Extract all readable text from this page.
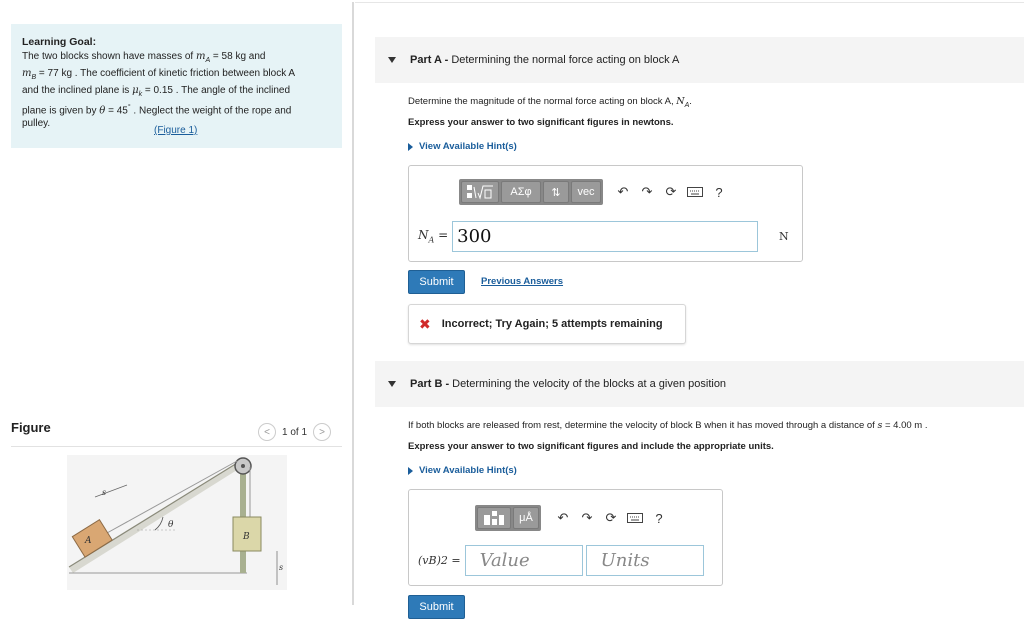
Learning Goal:
The two blocks shown have masses of $m_A = 58$ kg and
$m_B = 77$ kg . The coefficient of kinetic friction between block A
and the inclined plane is $\mu_k = 0.15$ . The angle of the inclined
plane is given by θ = 45° . Neglect the weight of the rope and
pulley.
(Figure 1)
Figure	<	1 of 1	>
A	B
θ
s
s
Part A - Determining the normal force acting on block A
Determine the magnitude of the normal force acting on block A, $N_A$.
Express your answer to two significant figures in newtons.
View Available Hint(s)
ΑΣφ	⇅	vec	↶	↷	⟳	?
$N_A = 300$	N
Submit	Previous Answers
✖ Incorrect; Try Again; 5 attempts remaining
Part B - Determining the velocity of the blocks at a given position
If both blocks are released from rest, determine the velocity of block B when it has moved through a distance of s = 4.00 m .
Express your answer to two significant figures and include the appropriate units.
View Available Hint(s)
μÅ	↶	↷	⟳	?
(vB)2 =	Value	Units
Submit
